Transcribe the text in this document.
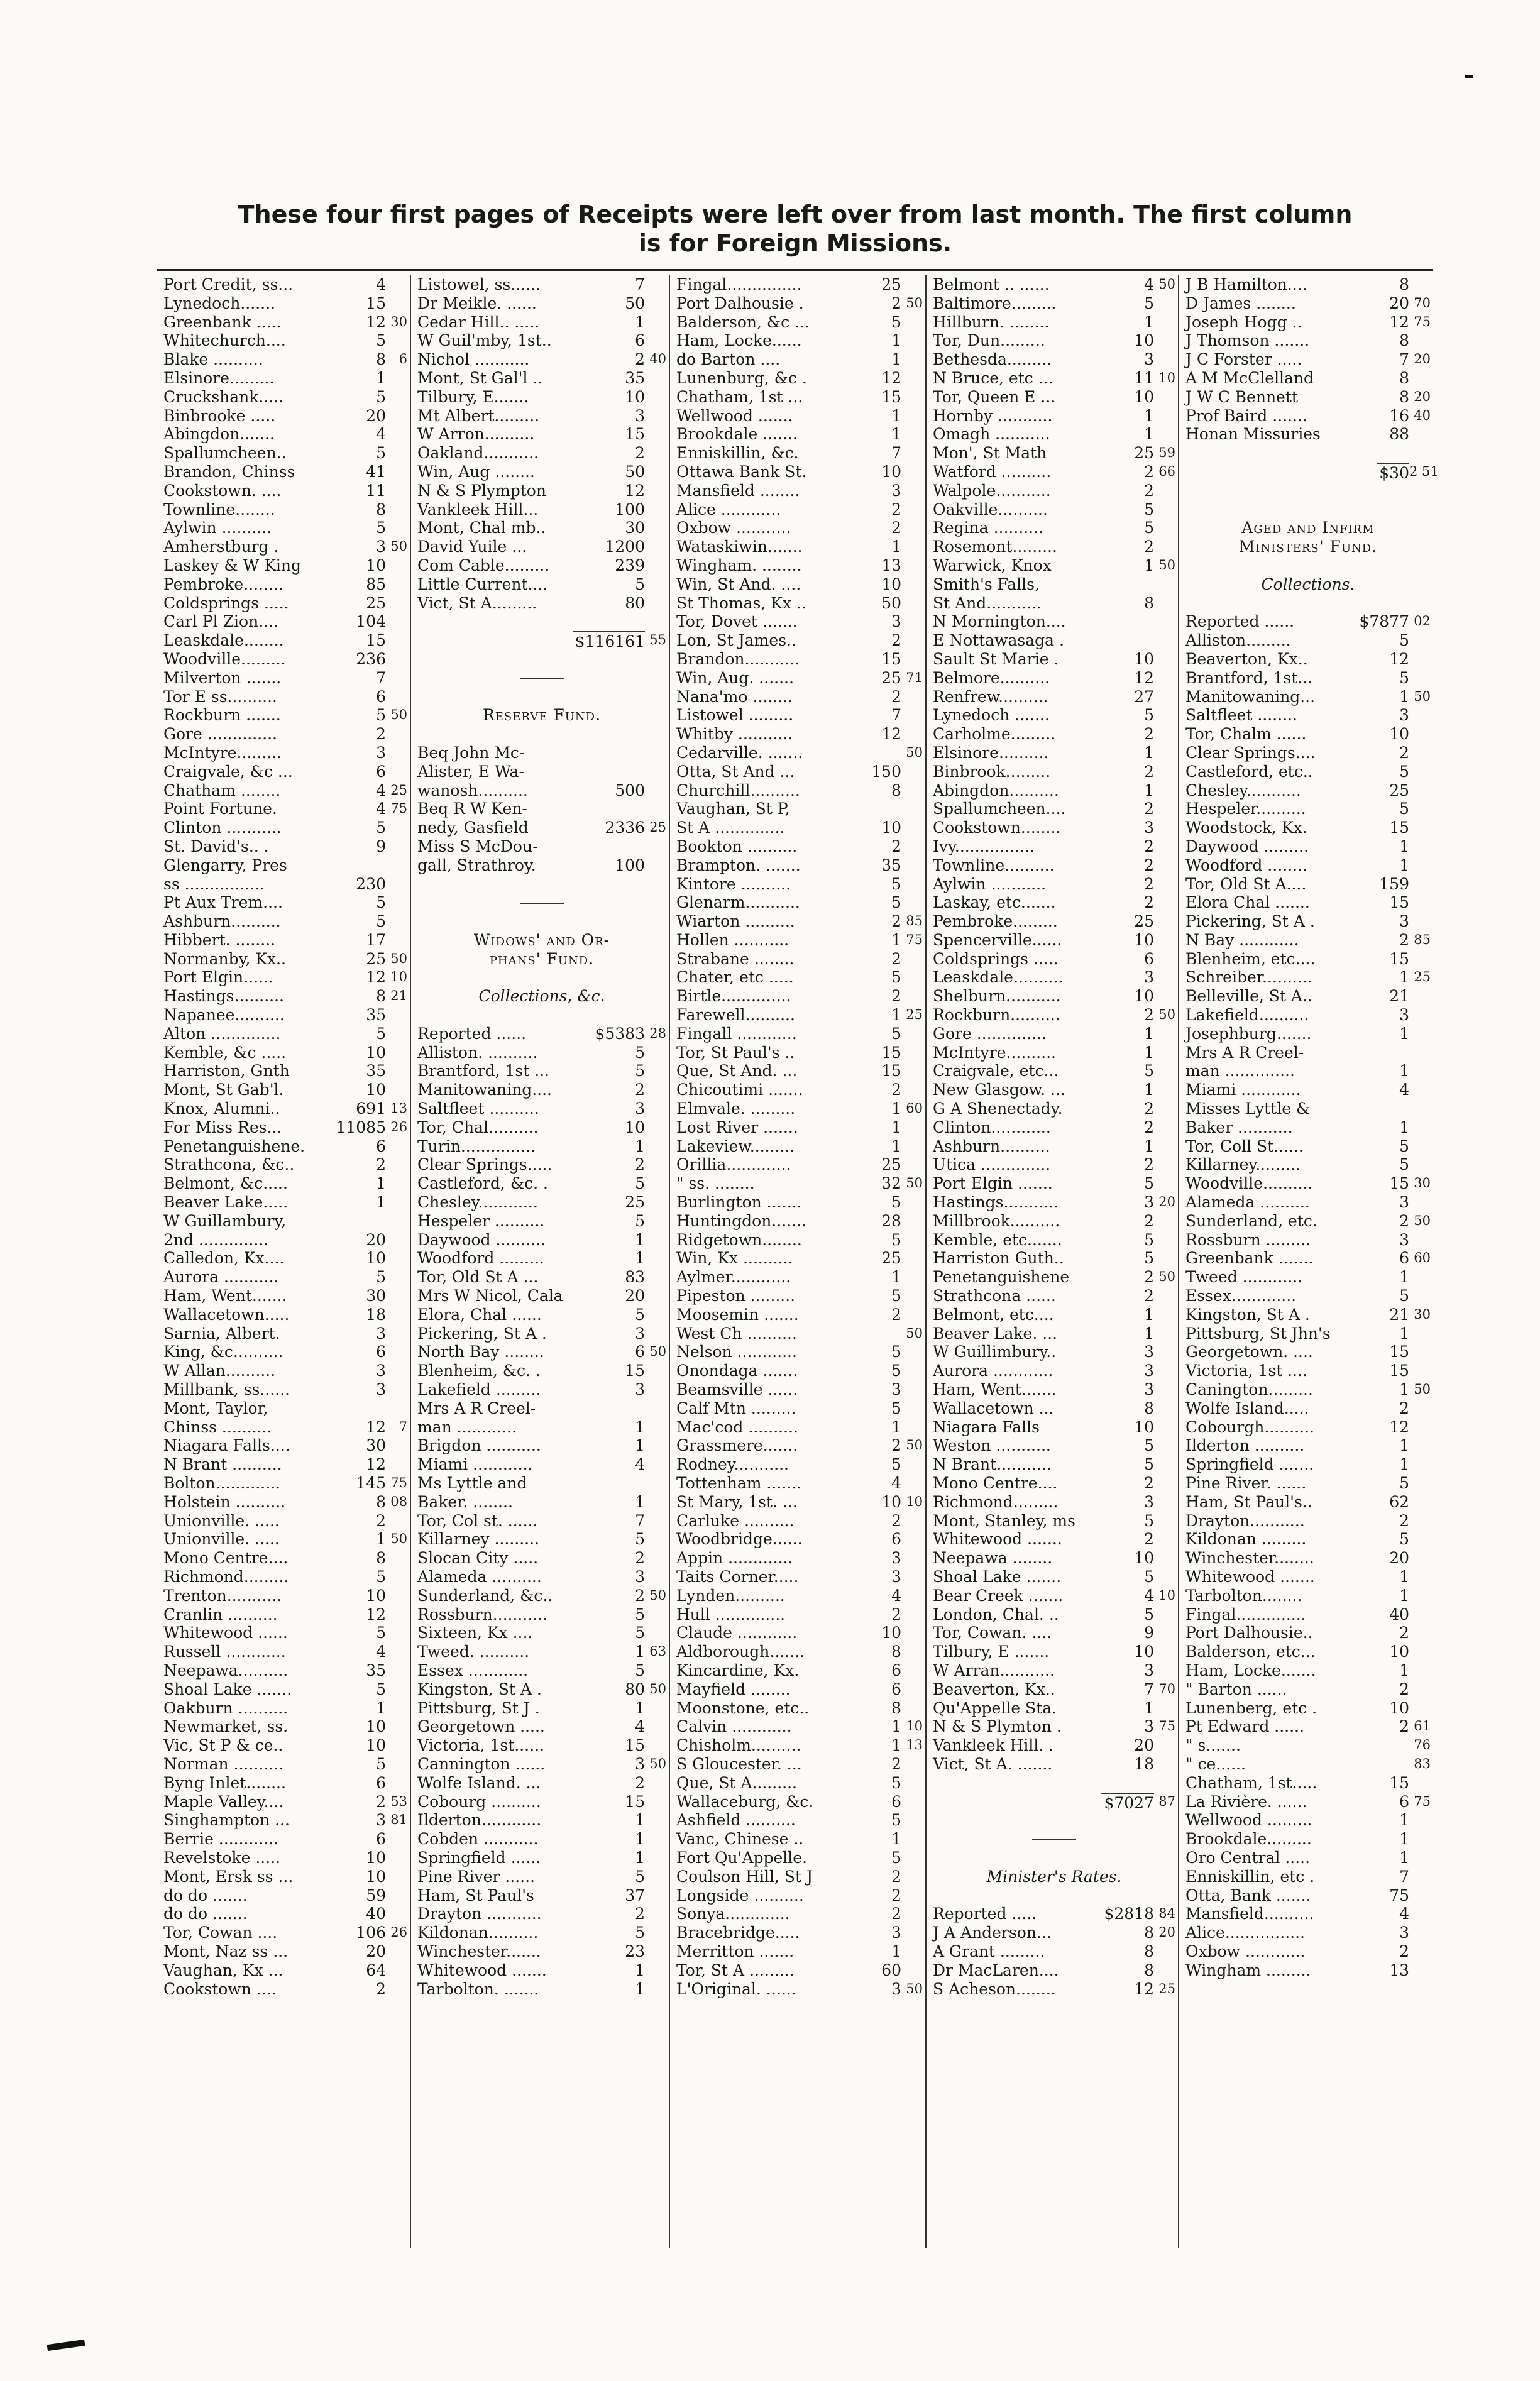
These four first pages of Receipts were left over from last month. The first column
is for Foreign Missions.
Port Credit, ss...	4
Lynedoch.......	15
Greenbank .....	12 30
Whitechurch....	5
Blake ..........	8 6
Elsinore.........	1
Cruckshank.....	5
Binbrooke .....	20
Abingdon.......	4
Spallumcheen..	5
Brandon, Chinss	41
Cookstown. ....	11
Townline........	8
Aylwin ..........	5
Amherstburg .	3 50
Laskey & W King	10
Pembroke........	85
Coldsprings .....	25
Carl Pl Zion....	104
Leaskdale........	15
Woodville.........	236
Milverton .......	7
Tor E ss..........	6
Rockburn .......	5 50
Gore ..............	2
McIntyre.........	3
Craigvale, &c ...	6
Chatham ........	4 25
Point Fortune.	4 75
Clinton ...........	5
St. David's.. .	9
Glengarry, Pres
ss ................	230
Pt Aux Trem....	5
Ashburn..........	5
Hibbert. ........	17
Normanby, Kx..	25 50
Port Elgin......	12 10
Hastings..........	8 21
Napanee..........	35
Alton ..............	5
Kemble, &c .....	10
Harriston, Gnth	35
Mont, St Gab'l.	10
Knox, Alumni..	691 13
For Miss Res...	11085 26
Penetanguishene.	6
Strathcona, &c..	2
Belmont, &c.....	1
Beaver Lake.....	1
W Guillambury,
2nd ..............	20
Calledon, Kx....	10
Aurora ...........	5
Ham, Went.......	30
Wallacetown.....	18
Sarnia, Albert.	3
King, &c..........	6
W Allan..........	3
Millbank, ss......	3
Mont, Taylor,
Chinss ..........	12 7
Niagara Falls....	30
N Brant ..........	12
Bolton.............	145 75
Holstein ..........	8 08
Unionville. .....	2
Unionville. .....	1 50
Mono Centre....	8
Richmond.........	5
Trenton...........	10
Cranlin ..........	12
Whitewood ......	5
Russell ............	4
Neepawa..........	35
Shoal Lake .......	5
Oakburn ..........	1
Newmarket, ss.	10
Vic, St P & ce..	10
Norman ..........	5
Byng Inlet........	6
Maple Valley....	2 53
Singhampton ...	3 81
Berrie ............	6
Revelstoke .....	10
Mont, Ersk ss ...	10
do do .......	59
do do .......	40
Tor, Cowan ....	106 26
Mont, Naz ss ...	20
Vaughan, Kx ...	64
Cookstown ....	2
Listowel, ss......	7
Dr Meikle. ......	50
Cedar Hill.. .....	1
W Guil'mby, 1st..	6
Nichol ...........	2 40
Mont, St Gal'l ..	35
Tilbury, E.......	10
Mt Albert.........	3
W Arron..........	15
Oakland...........	2
Win, Aug ........	50
N & S Plympton	12
Vankleek Hill...	100
Mont, Chal mb..	30
David Yuile ...	1200
Com Cable.........	239
Little Current....	5
Vict, St A.........	80
$116161 55
Reserve Fund.
Beq John Mc-
Alister, E Wa-
wanosh..........	500
Beq R W Ken-
nedy, Gasfield	2336 25
Miss S McDou-
gall, Strathroy.	100
Widows' and Or-
phans' Fund.
Collections, &c.
Reported ......	$5383 28
Alliston. ..........	5
Brantford, 1st ...	5
Manitowaning....	2
Saltfleet ..........	3
Tor, Chal..........	10
Turin...............	1
Clear Springs.....	2
Castleford, &c. .	5
Chesley............	25
Hespeler ..........	5
Daywood ..........	1
Woodford .........	1
Tor, Old St A ...	83
Mrs W Nicol, Cala	20
Elora, Chal ......	5
Pickering, St A .	3
North Bay ........	6 50
Blenheim, &c. .	15
Lakefield .........	3
Mrs A R Creel-
man ............	1
Brigdon ...........	1
Miami ............	4
Ms Lyttle and
Baker. ........	1
Tor, Col st. ......	7
Killarney .........	5
Slocan City .....	2
Alameda ..........	3
Sunderland, &c..	2 50
Rossburn...........	5
Sixteen, Kx ....	5
Tweed. ..........	1 63
Essex ............	5
Kingston, St A .	80 50
Pittsburg, St J .	1
Georgetown .....	4
Victoria, 1st......	15
Cannington ......	3 50
Wolfe Island. ...	2
Cobourg ..........	15
Ilderton............	1
Cobden ...........	1
Springfield ......	1
Pine River ......	5
Ham, St Paul's	37
Drayton ...........	2
Kildonan..........	5
Winchester.......	23
Whitewood .......	1
Tarbolton. .......	1
Fingal...............	25
Port Dalhousie .	2 50
Balderson, &c ...	5
Ham, Locke......	1
do Barton ....	1
Lunenburg, &c .	12
Chatham, 1st ...	15
Wellwood .......	1
Brookdale .......	1
Enniskillin, &c.	7
Ottawa Bank St.	10
Mansfield ........	3
Alice ............	2
Oxbow ...........	2
Wataskiwin.......	1
Wingham. ........	13
Win, St And. ....	10
St Thomas, Kx ..	50
Tor, Dovet .......	3
Lon, St James..	2
Brandon...........	15
Win, Aug. .......	25 71
Nana'mo ........	2
Listowel .........	7
Whitby ...........	12
Cedarville. .......	50
Otta, St And ...	150
Churchill..........	8
Vaughan, St P,
St A ..............	10
Bookton ..........	2
Brampton. .......	35
Kintore ..........	5
Glenarm...........	5
Wiarton ..........	2 85
Hollen ...........	1 75
Strabane ........	2
Chater, etc .....	5
Birtle..............	2
Farewell..........	1 25
Fingall ............	5
Tor, St Paul's ..	15
Que, St And. ...	15
Chicoutimi .......	2
Elmvale. .........	1 60
Lost River .......	1
Lakeview.........	1
Orillia.............	25
" ss. ........	32 50
Burlington .......	5
Huntingdon.......	28
Ridgetown........	5
Win, Kx ..........	25
Aylmer............	1
Pipeston .........	5
Moosemin .......	2
West Ch ..........	50
Nelson ............	5
Onondaga .......	5
Beamsville ......	3
Calf Mtn .........	5
Mac'cod ..........	1
Grassmere.......	2 50
Rodney...........	5
Tottenham .......	4
St Mary, 1st. ...	10 10
Carluke ..........	2
Woodbridge......	6
Appin .............	3
Taits Corner.....	3
Lynden..........	4
Hull ..............	2
Claude ............	10
Aldborough.......	8
Kincardine, Kx.	6
Mayfield ........	6
Moonstone, etc..	8
Calvin ............	1 10
Chisholm..........	1 13
S Gloucester. ...	2
Que, St A.........	5
Wallaceburg, &c.	6
Ashfield ..........	5
Vanc, Chinese ..	1
Fort Qu'Appelle.	5
Coulson Hill, St J	2
Longside ..........	2
Sonya.............	2
Bracebridge.....	3
Merritton .......	1
Tor, St A .........	60
L'Original. ......	3 50
Belmont .. ......	4 50
Baltimore.........	5
Hillburn. ........	1
Tor, Dun.........	10
Bethesda.........	3
N Bruce, etc ...	11 10
Tor, Queen E ...	10
Hornby ...........	1
Omagh ...........	1
Mon', St Math	25 59
Watford ..........	2 66
Walpole...........	2
Oakville..........	5
Regina ..........	5
Rosemont.........	2
Warwick, Knox	1 50
Smith's Falls,
St And...........	8
N Mornington....
E Nottawasaga .
Sault St Marie .	10
Belmore..........	12
Renfrew..........	27
Lynedoch .......	5
Carholme.........	2
Elsinore..........	1
Binbrook.........	2
Abingdon..........	1
Spallumcheen....	2
Cookstown........	3
Ivy................	2
Townline..........	2
Aylwin ...........	2
Laskay, etc.......	2
Pembroke.........	25
Spencerville......	10
Coldsprings .....	6
Leaskdale..........	3
Shelburn...........	10
Rockburn..........	2 50
Gore ..............	1
McIntyre..........	1
Craigvale, etc...	5
New Glasgow. ...	1
G A Shenectady.	2
Clinton............	2
Ashburn..........	1
Utica ..............	2
Port Elgin .......	5
Hastings...........	3 20
Millbrook..........	2
Kemble, etc.......	5
Harriston Guth..	5
Penetanguishene	2 50
Strathcona ......	2
Belmont, etc....	1
Beaver Lake. ...	1
W Guillimbury..	3
Aurora ............	3
Ham, Went.......	3
Wallacetown ...	8
Niagara Falls	10
Weston ...........	5
N Brant...........	5
Mono Centre....	2
Richmond.........	3
Mont, Stanley, ms	5
Whitewood .......	2
Neepawa ........	10
Shoal Lake .......	5
Bear Creek .......	4 10
London, Chal. ..	5
Tor, Cowan. ....	9
Tilbury, E .......	10
W Arran...........	3
Beaverton, Kx..	7 70
Qu'Appelle Sta.	1
N & S Plymton .	3 75
Vankleek Hill. .	20
Vict, St A. .......	18
$7027 87
Minister's Rates.
Reported .....	$2818 84
J A Anderson...	8 20
A Grant .........	8
Dr MacLaren....	8
S Acheson........	12 25
J B Hamilton....	8
D James ........	20 70
Joseph Hogg ..	12 75
J Thomson .......	8
J C Forster .....	7 20
A M McClelland	8
J W C Bennett	8 20
Prof Baird .......	16 40
Honan Missuries	88
$30 2 51
Aged and Infirm
Ministers' Fund.
Collections.
Reported ......	$7877 02
Alliston.........	5
Beaverton, Kx..	12
Brantford, 1st...	5
Manitowaning...	1 50
Saltfleet ........	3
Tor, Chalm ......	10
Clear Springs....	2
Castleford, etc..	5
Chesley...........	25
Hespeler..........	5
Woodstock, Kx.	15
Daywood .........	1
Woodford ........	1
Tor, Old St A....	159
Elora Chal .......	15
Pickering, St A .	3
N Bay ............	2 85
Blenheim, etc....	15
Schreiber..........	1 25
Belleville, St A..	21
Lakefield..........	3
Josephburg.......	1
Mrs A R Creel-
man ..............	1
Miami ............	4
Misses Lyttle &
Baker ...........	1
Tor, Coll St......	5
Killarney.........	5
Woodville..........	15 30
Alameda ..........	3
Sunderland, etc.	2 50
Rossburn .........	3
Greenbank .......	6 60
Tweed ............	1
Essex.............	5
Kingston, St A .	21 30
Pittsburg, St Jhn's	1
Georgetown. ....	15
Victoria, 1st ....	15
Canington.........	1 50
Wolfe Island.....	2
Cobourgh..........	12
Ilderton ..........	1
Springfield .......	1
Pine River. ......	5
Ham, St Paul's..	62
Drayton...........	2
Kildonan .........	5
Winchester........	20
Whitewood .......	1
Tarbolton........	1
Fingal..............	40
Port Dalhousie..	2
Balderson, etc...	10
Ham, Locke.......	1
" Barton ......	2
Lunenberg, etc .	10
Pt Edward ......	2 61
" s.......	76
" ce......	83
Chatham, 1st.....	15
La Rivière. ......	6 75
Wellwood .........	1
Brookdale.........	1
Oro Central .....	1
Enniskillin, etc .	7
Otta, Bank .......	75
Mansfield..........	4
Alice................	3
Oxbow ............	2
Wingham .........	13
